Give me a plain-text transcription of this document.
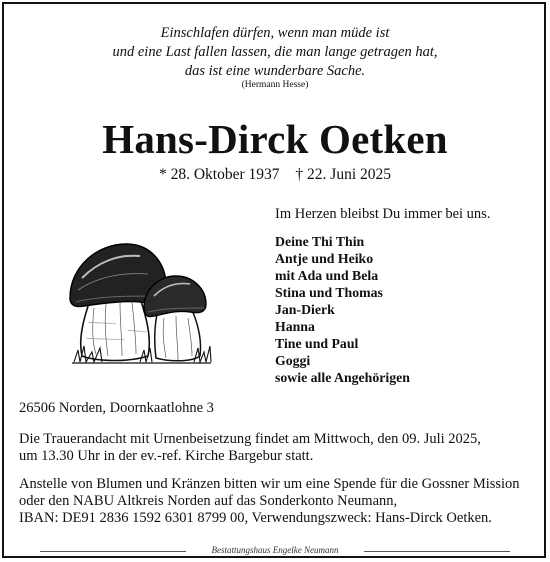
Einschlafen dürfen, wenn man müde ist
und eine Last fallen lassen, die man lange getragen hat,
das ist eine wunderbare Sache.
(Hermann Hesse)
Hans-Dirck Oetken
* 28. Oktober 1937 † 22. Juni 2025
Im Herzen bleibst Du immer bei uns.
Deine Thi Thin
Antje und Heiko
mit Ada und Bela
Stina und Thomas
Jan-Dierk
Hanna
Tine und Paul
Goggi
sowie alle Angehörigen
26506 Norden, Doornkaatlohne 3
Die Trauerandacht mit Urnenbeisetzung findet am Mittwoch, den 09. Juli 2025,
um 13.30 Uhr in der ev.-ref. Kirche Bargebur statt.
Anstelle von Blumen und Kränzen bitten wir um eine Spende für die Gossner Mission
oder den NABU Altkreis Norden auf das Sonderkonto Neumann,
IBAN: DE91 2836 1592 6301 8799 00, Verwendungszweck: Hans-Dirck Oetken.
Bestattungshaus Engelke Neumann
